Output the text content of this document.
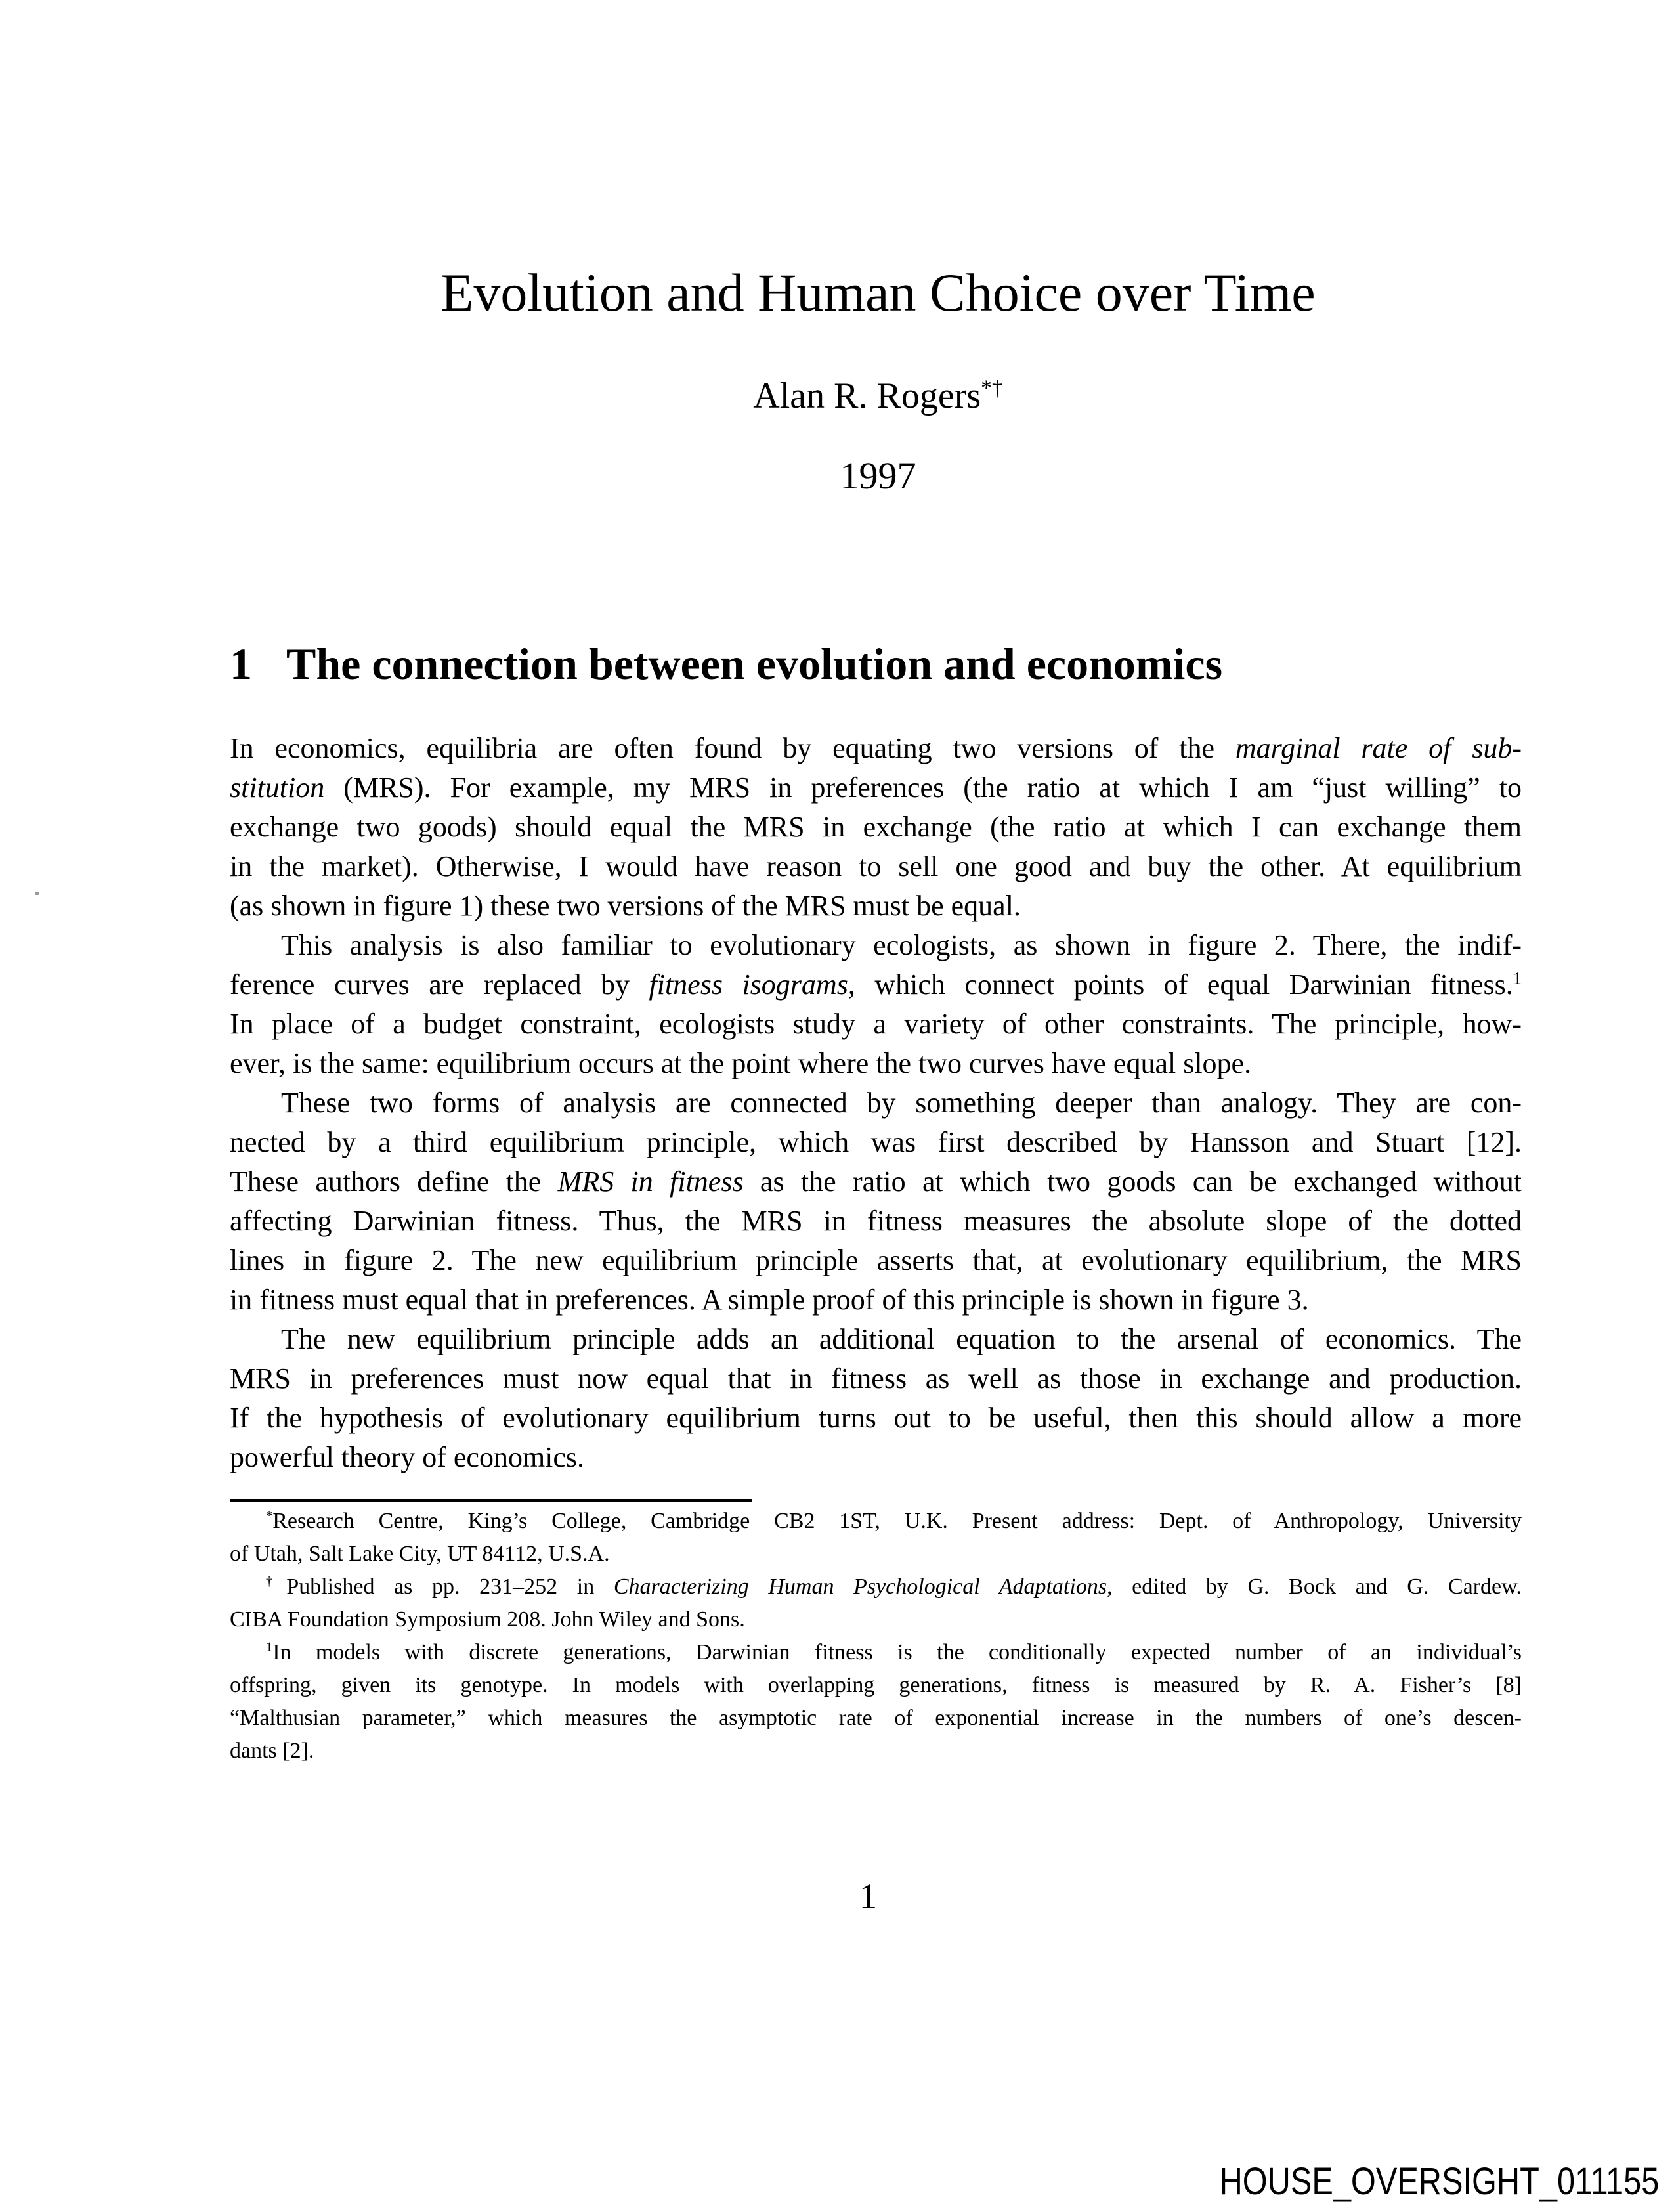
Evolution and Human Choice over Time
Alan R. Rogers*†
1997
1 The connection between evolution and economics
In economics, equilibria are often found by equating two versions of the marginal rate of sub-
stitution (MRS). For example, my MRS in preferences (the ratio at which I am “just willing” to
exchange two goods) should equal the MRS in exchange (the ratio at which I can exchange them
in the market). Otherwise, I would have reason to sell one good and buy the other. At equilibrium
(as shown in figure 1) these two versions of the MRS must be equal.
This analysis is also familiar to evolutionary ecologists, as shown in figure 2. There, the indif-
ference curves are replaced by fitness isograms, which connect points of equal Darwinian fitness.$^1$
In place of a budget constraint, ecologists study a variety of other constraints. The principle, how-
ever, is the same: equilibrium occurs at the point where the two curves have equal slope.
These two forms of analysis are connected by something deeper than analogy. They are con-
nected by a third equilibrium principle, which was first described by Hansson and Stuart [12].
These authors define the MRS in fitness as the ratio at which two goods can be exchanged without
affecting Darwinian fitness. Thus, the MRS in fitness measures the absolute slope of the dotted
lines in figure 2. The new equilibrium principle asserts that, at evolutionary equilibrium, the MRS
in fitness must equal that in preferences. A simple proof of this principle is shown in figure 3.
The new equilibrium principle adds an additional equation to the arsenal of economics. The
MRS in preferences must now equal that in fitness as well as those in exchange and production.
If the hypothesis of evolutionary equilibrium turns out to be useful, then this should allow a more
powerful theory of economics.
*Research Centre, King’s College, Cambridge CB2 1ST, U.K. Present address: Dept. of Anthropology, University
of Utah, Salt Lake City, UT 84112, U.S.A.
†Published as pp. 231–252 in Characterizing Human Psychological Adaptations, edited by G. Bock and G. Cardew.
CIBA Foundation Symposium 208. John Wiley and Sons.
$^1$In models with discrete generations, Darwinian fitness is the conditionally expected number of an individual’s
offspring, given its genotype. In models with overlapping generations, fitness is measured by R. A. Fisher’s [8]
“Malthusian parameter,” which measures the asymptotic rate of exponential increase in the numbers of one’s descen-
dants [2].
1
HOUSE_OVERSIGHT_011155
